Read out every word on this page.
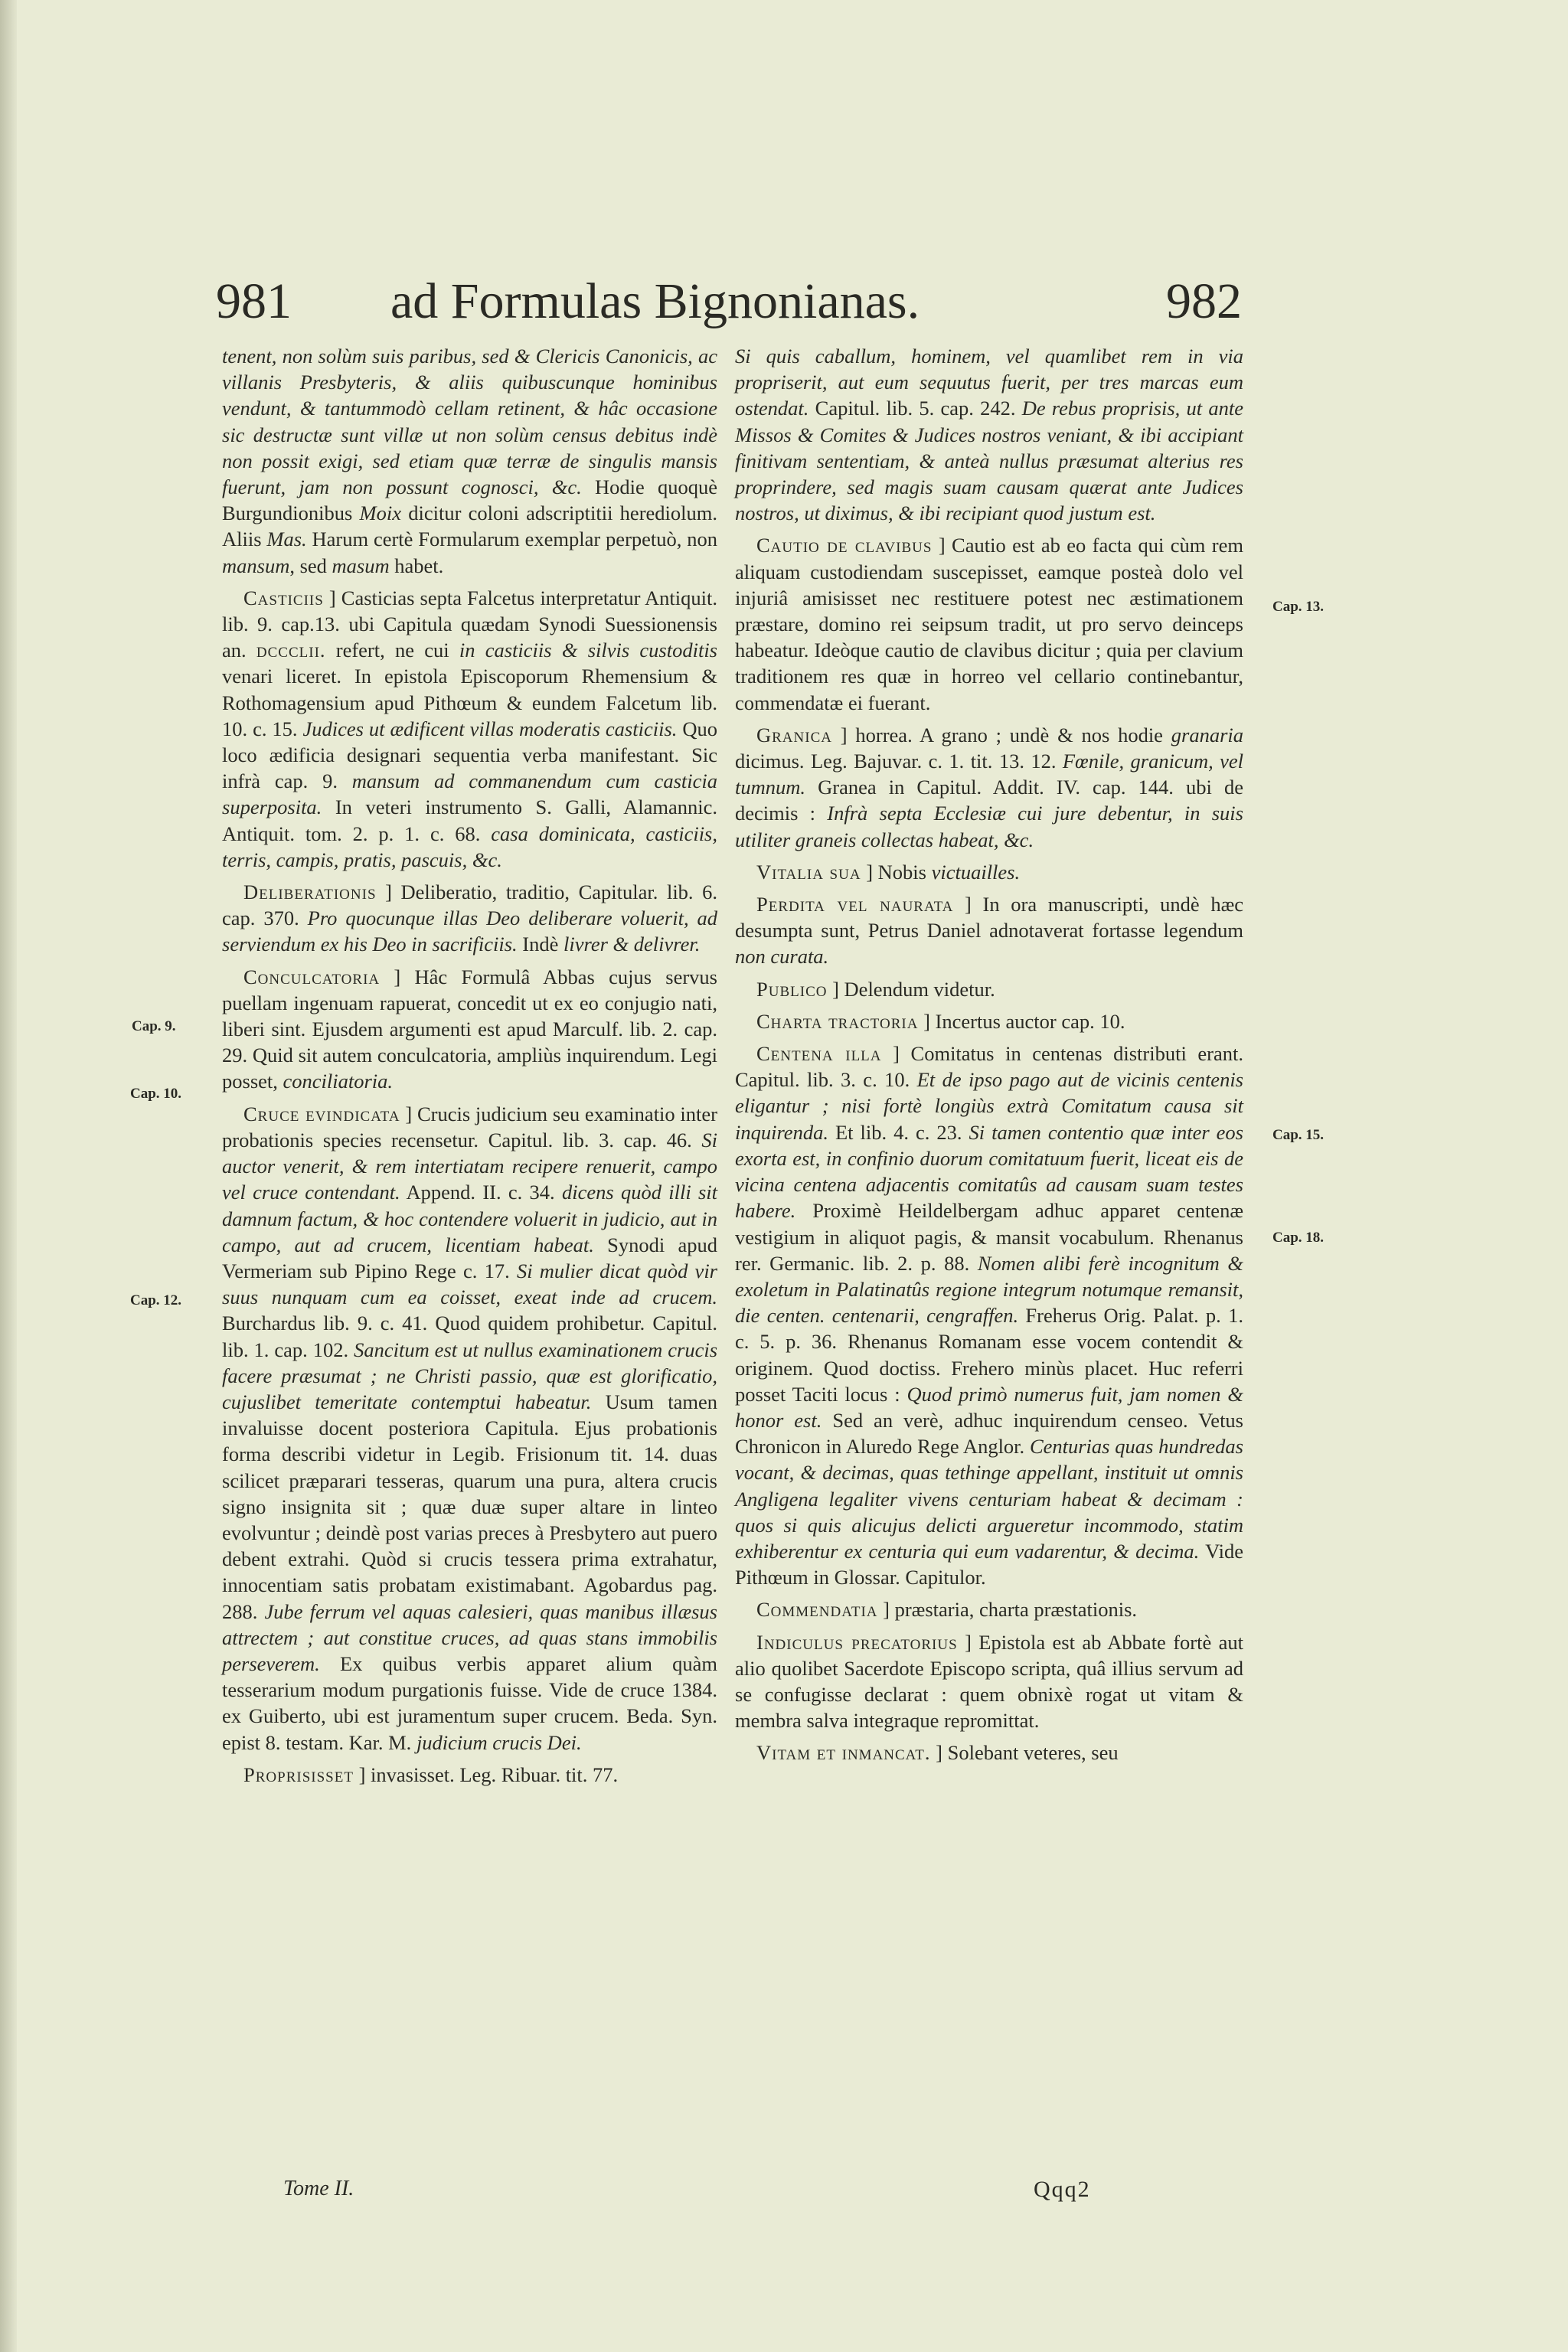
981 ad Formulas Bignonianas.	982

tenent, non solùm suis paribus, sed & Clericis Canonicis, ac villanis Presbyteris, & aliis quibuscunque hominibus vendunt, & tantummodò cellam retinent, & hâc occasione sic destructæ sunt villæ ut non solùm census debitus indè non possit exigi, sed etiam quæ terræ de singulis mansis fuerunt, jam non possunt cognosci, &c. Hodie quoquè Burgundionibus Moix dicitur coloni adscriptitii herediolum. Aliis Mas. Harum certè Formularum exemplar perpetuò, non mansum, sed masum habet.

Casticiis ] Casticias septa Falcetus interpretatur Antiquit. lib. 9. cap.13. ubi Capitula quædam Synodi Suessionensis an. dccclii. refert, ne cui in casticiis & silvis custoditis venari liceret. In epistola Episcoporum Rhemensium & Rothomagensium apud Pithœum & eundem Falcetum lib. 10. c. 15. Judices ut ædificent villas moderatis casticiis. Quo loco ædificia designari sequentia verba manifestant. Sic infrà cap. 9. mansum ad commanendum cum casticia superposita. In veteri instrumento S. Galli, Alamannic. Antiquit. tom. 2. p. 1. c. 68. casa dominicata, casticiis, terris, campis, pratis, pascuis, &c.

Deliberationis ] Deliberatio, traditio, Capitular. lib. 6. cap. 370. Pro quocunque illas Deo deliberare voluerit, ad serviendum ex his Deo in sacrificiis. Indè livrer & delivrer.

Conculcatoria ] Hâc Formulâ Abbas cujus servus puellam ingenuam rapuerat, concedit ut ex eo conjugio nati, liberi sint. Ejusdem argumenti est apud Marculf. lib. 2. cap. 29. Quid sit autem conculcatoria, ampliùs inquirendum. Legi posset, conciliatoria.

Cruce evindicata ] Crucis judicium seu examinatio inter probationis species recensetur. Capitul. lib. 3. cap. 46. Si auctor venerit, & rem intertiatam recipere renuerit, campo vel cruce contendant. Append. II. c. 34. dicens quòd illi sit damnum factum, & hoc contendere voluerit in judicio, aut in campo, aut ad crucem, licentiam habeat. Synodi apud Vermeriam sub Pipino Rege c. 17. Si mulier dicat quòd vir suus nunquam cum ea coisset, exeat inde ad crucem. Burchardus lib. 9. c. 41. Quod quidem prohibetur. Capitul. lib. 1. cap. 102. Sancitum est ut nullus examinationem crucis facere præsumat ; ne Christi passio, quæ est glorificatio, cujuslibet temeritate contemptui habeatur. Usum tamen invaluisse docent posteriora Capitula. Ejus probationis forma describi videtur in Legib. Frisionum tit. 14. duas scilicet præparari tesseras, quarum una pura, altera crucis signo insignita sit ; quæ duæ super altare in linteo evolvuntur ; deindè post varias preces à Presbytero aut puero debent extrahi. Quòd si crucis tessera prima extrahatur, innocentiam satis probatam existimabant. Agobardus pag. 288. Jube ferrum vel aquas calesieri, quas manibus illæsus attrectem ; aut constitue cruces, ad quas stans immobilis perseverem. Ex quibus verbis apparet alium quàm tesserarium modum purgationis fuisse. Vide de cruce 1384. ex Guiberto, ubi est juramentum super crucem. Beda. Syn. epist 8. testam. Kar. M. judicium crucis Dei.

Proprisisset ] invasisset. Leg. Ribuar. tit. 77.

Si quis caballum, hominem, vel quamlibet rem in via propriserit, aut eum sequutus fuerit, per tres marcas eum ostendat. Capitul. lib. 5. cap. 242. De rebus proprisis, ut ante Missos & Comites & Judices nostros veniant, & ibi accipiant finitivam sententiam, & anteà nullus præsumat alterius res proprindere, sed magis suam causam quærat ante Judices nostros, ut diximus, & ibi recipiant quod justum est.

Cautio de clavibus ] Cautio est ab eo facta qui cùm rem aliquam custodiendam suscepisset, eamque posteà dolo vel injuriâ amisisset nec restituere potest nec æstimationem præstare, domino rei seipsum tradit, ut pro servo deinceps habeatur. Ideòque cautio de clavibus dicitur ; quia per clavium traditionem res quæ in horreo vel cellario continebantur, commendatæ ei fuerant.

Granica ] horrea. A grano ; undè & nos hodie granaria dicimus. Leg. Bajuvar. c. 1. tit. 13. 12. Fœnile, granicum, vel tumnum. Granea in Capitul. Addit. IV. cap. 144. ubi de decimis : Infrà septa Ecclesiæ cui jure debentur, in suis utiliter graneis collectas habeat, &c.

Vitalia sua ] Nobis victuailles.

Perdita vel naurata ] In ora manuscripti, undè hæc desumpta sunt, Petrus Daniel adnotaverat fortasse legendum non curata.

Publico ] Delendum videtur.

Charta tractoria ] Incertus auctor cap. 10.

Centena illa ] Comitatus in centenas distributi erant. Capitul. lib. 3. c. 10. Et de ipso pago aut de vicinis centenis eligantur ; nisi fortè longiùs extrà Comitatum causa sit inquirenda. Et lib. 4. c. 23. Si tamen contentio quæ inter eos exorta est, in confinio duorum comitatuum fuerit, liceat eis de vicina centena adjacentis comitatûs ad causam suam testes habere. Proximè Heildelbergam adhuc apparet centenæ vestigium in aliquot pagis, & mansit vocabulum. Rhenanus rer. Germanic. lib. 2. p. 88. Nomen alibi ferè incognitum & exoletum in Palatinatûs regione integrum notumque remansit, die centen. centenarii, cengraffen. Freherus Orig. Palat. p. 1. c. 5. p. 36. Rhenanus Romanam esse vocem contendit & originem. Quod doctiss. Frehero minùs placet. Huc referri posset Taciti locus : Quod primò numerus fuit, jam nomen & honor est. Sed an verè, adhuc inquirendum censeo. Vetus Chronicon in Aluredo Rege Anglor. Centurias quas hundredas vocant, & decimas, quas tethinge appellant, instituit ut omnis Angligena legaliter vivens centuriam habeat & decimam : quos si quis alicujus delicti argueretur incommodo, statim exhiberentur ex centuria qui eum vadarentur, & decima. Vide Pithœum in Glossar. Capitulor.

Commendatia ] præstaria, charta præstationis.

Indiculus precatorius ] Epistola est ab Abbate fortè aut alio quolibet Sacerdote Episcopo scripta, quâ illius servum ad se confugisse declarat : quem obnixè rogat ut vitam & membra salva integraque repromittat.

Vitam et inmancat. ] Solebant veteres, seu

Cap. 9.
Cap. 10.
Cap. 12.
Cap. 13.
Cap. 15.
Cap. 18.
Tome II.	Qqq2
